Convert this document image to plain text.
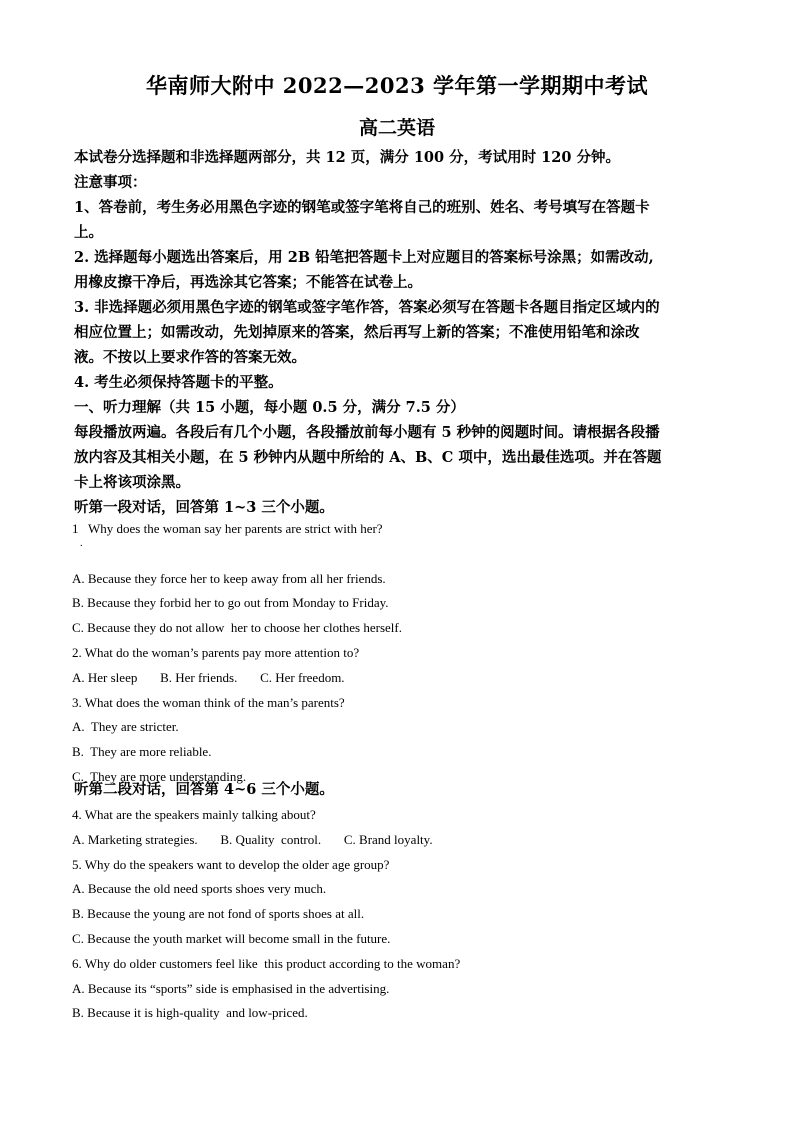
华南师大附中 2022—2023 学年第一学期期中考试
高二英语
本试卷分选择题和非选择题两部分，共 12 页，满分 100 分，考试用时 120 分钟。
注意事项：
1、答卷前，考生务必用黑色字迹的钢笔或签字笔将自己的班别、姓名、考号填写在答题卡
上。
2. 选择题每小题选出答案后，用 2B 铅笔把答题卡上对应题目的答案标号涂黑；如需改动,
用橡皮擦干净后，再选涂其它答案；不能答在试卷上。
3. 非选择题必须用黑色字迹的钢笔或签字笔作答，答案必须写在答题卡各题目指定区域内的
相应位置上；如需改动，先划掉原来的答案，然后再写上新的答案；不准使用铅笔和涂改
液。不按以上要求作答的答案无效。
4. 考生必须保持答题卡的平整。
一、听力理解（共 15 小题，每小题 0.5 分，满分 7.5 分）
每段播放两遍。各段后有几个小题，各段播放前每小题有 5 秒钟的阅题时间。请根据各段播
放内容及其相关小题，在 5 秒钟内从题中所给的 A、B、C 项中，选出最佳选项。并在答题
卡上将该项涂黑。
听第一段对话，回答第 1~3 三个小题。
1   Why does the woman say her parents are strict with her?

A. Because they force her to keep away from all her friends.
B. Because they forbid her to go out from Monday to Friday.
C. Because they do not allow  her to choose her clothes herself.
2. What do the woman’s parents pay more attention to?
A. Her sleep       B. Her friends.       C. Her freedom.
3. What does the woman think of the man’s parents?
A.  They are stricter.
B.  They are more reliable.
C.  They are more understanding.
.
听第二段对话，回答第 4~6 三个小题。
4. What are the speakers mainly talking about?
A. Marketing strategies.       B. Quality  control.       C. Brand loyalty.
5. Why do the speakers want to develop the older age group?
A. Because the old need sports shoes very much.
B. Because the young are not fond of sports shoes at all.
C. Because the youth market will become small in the future.
6. Why do older customers feel like  this product according to the woman?
A. Because its “sports” side is emphasised in the advertising.
B. Because it is high-quality  and low-priced.
